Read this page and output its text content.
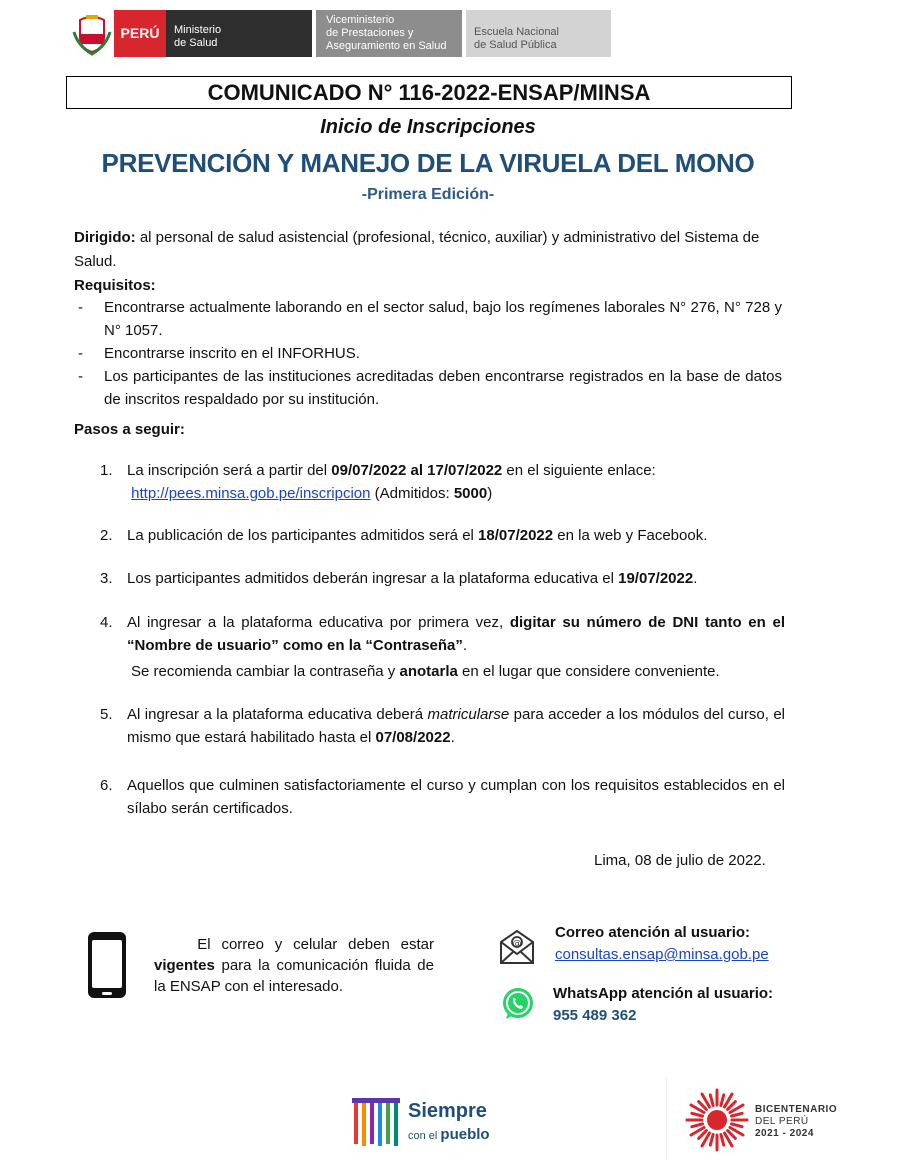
PERÚ Ministerio
de Salud
Viceministerio
de Prestaciones y
Aseguramiento en Salud
Escuela Nacional
de Salud Pública
COMUNICADO N° 116-2022-ENSAP/MINSA
Inicio de Inscripciones
PREVENCIÓN Y MANEJO DE LA VIRUELA DEL MONO
-Primera Edición-
Dirigido: al personal de salud asistencial (profesional, técnico, auxiliar) y administrativo del Sistema de Salud.
Requisitos:
- Encontrarse actualmente laborando en el sector salud, bajo los regímenes laborales N° 276, N° 728 y N° 1057.
- Encontrarse inscrito en el INFORHUS.
- Los participantes de las instituciones acreditadas deben encontrarse registrados en la base de datos de inscritos respaldado por su institución.
Pasos a seguir:
1. La inscripción será a partir del 09/07/2022 al 17/07/2022 en el siguiente enlace:
http://pees.minsa.gob.pe/inscripcion (Admitidos: 5000)
2. La publicación de los participantes admitidos será el 18/07/2022 en la web y Facebook.
3. Los participantes admitidos deberán ingresar a la plataforma educativa el 19/07/2022.
4. Al ingresar a la plataforma educativa por primera vez, digitar su número de DNI tanto en el “Nombre de usuario” como en la “Contraseña”.
Se recomienda cambiar la contraseña y anotarla en el lugar que considere conveniente.
5. Al ingresar a la plataforma educativa deberá matricularse para acceder a los módulos del curso, el mismo que estará habilitado hasta el 07/08/2022.
6. Aquellos que culminen satisfactoriamente el curso y cumplan con los requisitos establecidos en el sílabo serán certificados.
Lima, 08 de julio de 2022.
El correo y celular deben estar vigentes para la comunicación fluida de la ENSAP con el interesado.
@
Correo atención al usuario:
consultas.ensap@minsa.gob.pe
WhatsApp atención al usuario:
955 489 362
Siempre
con el pueblo
BICENTENARIO
DEL PERÚ
2021 - 2024
